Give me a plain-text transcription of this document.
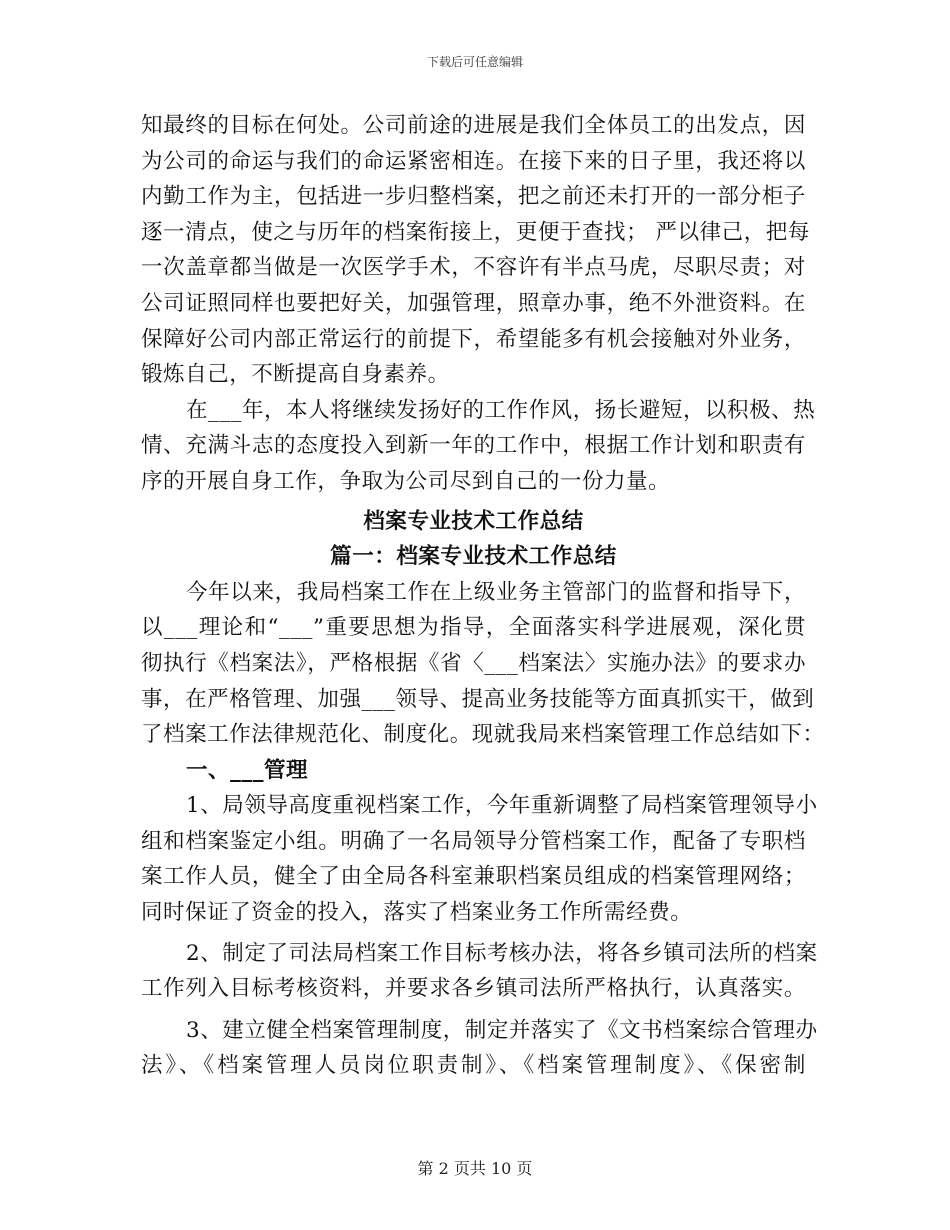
下载后可任意编辑
知最终的目标在何处。公司前途的进展是我们全体员工的出发点，因
为公司的命运与我们的命运紧密相连。在接下来的日子里，我还将以
内勤工作为主，包括进一步归整档案，把之前还未打开的一部分柜子
逐一清点，使之与历年的档案衔接上，更便于查找； 严以律己，把每
一次盖章都当做是一次医学手术，不容许有半点马虎，尽职尽责；对
公司证照同样也要把好关，加强管理，照章办事，绝不外泄资料。在
保障好公司内部正常运行的前提下，希望能多有机会接触对外业务，
锻炼自己，不断提高自身素养。
在___年，本人将继续发扬好的工作作风，扬长避短，以积极、热
情、充满斗志的态度投入到新一年的工作中，根据工作计划和职责有
序的开展自身工作，争取为公司尽到自己的一份力量。
档案专业技术工作总结
篇一：档案专业技术工作总结
今年以来，我局档案工作在上级业务主管部门的监督和指导下，
以___理论和“___”重要思想为指导，全面落实科学进展观，深化贯
彻执行《档案法》，严格根据《省〈___档案法〉实施办法》的要求办
事，在严格管理、加强___领导、提高业务技能等方面真抓实干，做到
了档案工作法律规范化、制度化。现就我局来档案管理工作总结如下：
一、___管理
1、局领导高度重视档案工作，今年重新调整了局档案管理领导小
组和档案鉴定小组。明确了一名局领导分管档案工作，配备了专职档
案工作人员，健全了由全局各科室兼职档案员组成的档案管理网络；
同时保证了资金的投入，落实了档案业务工作所需经费。
2、制定了司法局档案工作目标考核办法，将各乡镇司法所的档案
工作列入目标考核资料，并要求各乡镇司法所严格执行，认真落实。
3、建立健全档案管理制度，制定并落实了《文书档案综合管理办
法》、《档案管理人员岗位职责制》、《档案管理制度》、《保密制
第 2 页共 10 页
